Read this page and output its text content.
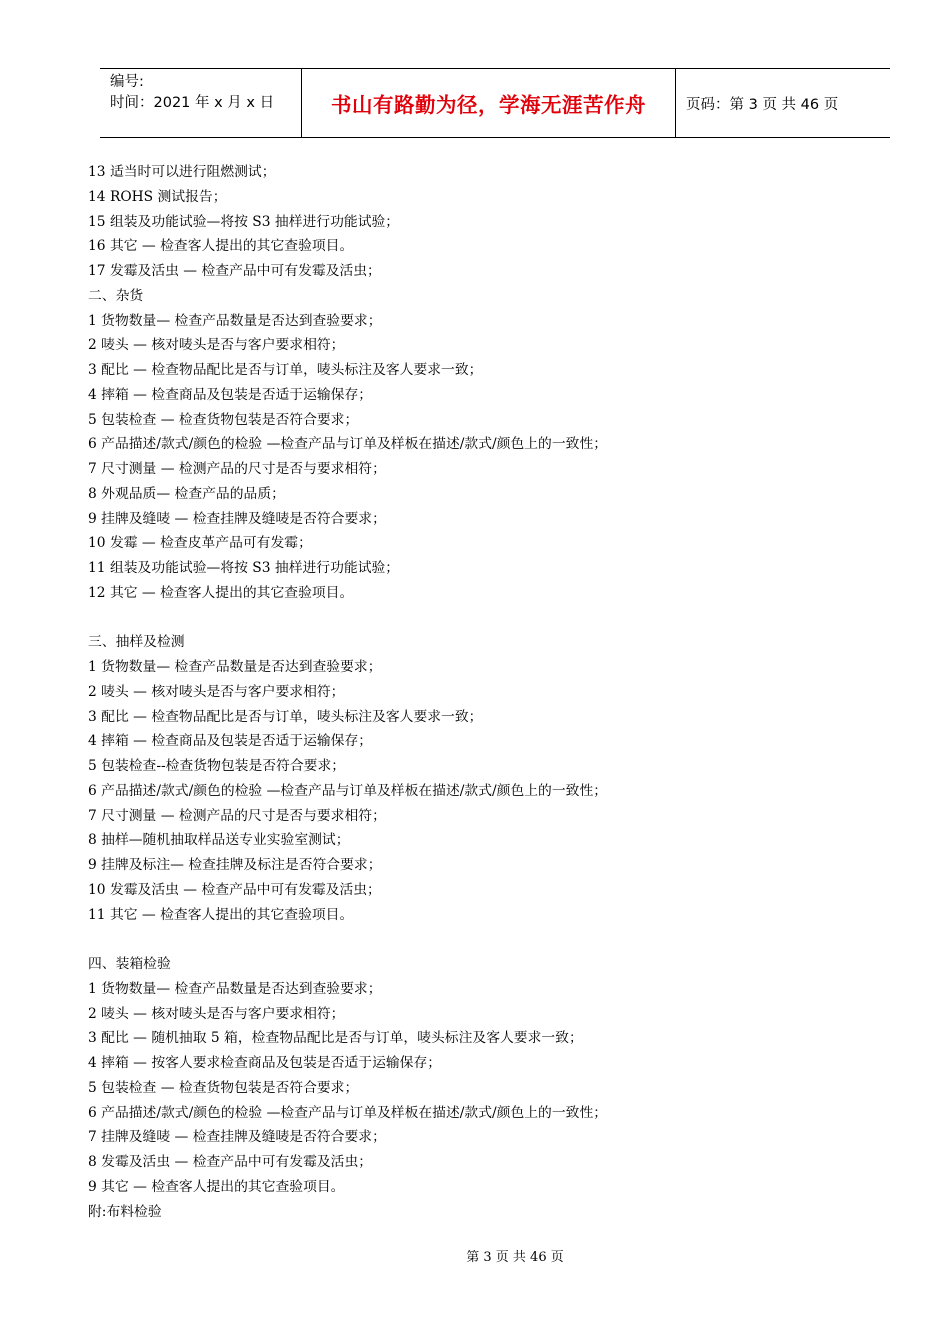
编号:
时间：2021 年 x 月 x 日	书山有路勤为径，学海无涯苦作舟	页码：第 3 页 共 46 页
13 适当时可以进行阻燃测试；
14 ROHS 测试报告；
15 组装及功能试验—将按 S3 抽样进行功能试验；
16 其它 — 检查客人提出的其它查验项目。
17 发霉及活虫 — 检查产品中可有发霉及活虫；
二、杂货
1 货物数量— 检查产品数量是否达到查验要求；
2 唛头 — 核对唛头是否与客户要求相符；
3 配比 — 检查物品配比是否与订单，唛头标注及客人要求一致；
4 摔箱 — 检查商品及包装是否适于运输保存；
5 包装检查 — 检查货物包装是否符合要求；
6 产品描述/款式/颜色的检验 —检查产品与订单及样板在描述/款式/颜色上的一致性；
7 尺寸测量 — 检测产品的尺寸是否与要求相符；
8 外观品质— 检查产品的品质；
9 挂牌及缝唛 — 检查挂牌及缝唛是否符合要求；
10 发霉 — 检查皮革产品可有发霉；
11 组装及功能试验—将按 S3 抽样进行功能试验；
12 其它 — 检查客人提出的其它查验项目。
三、抽样及检测
1 货物数量— 检查产品数量是否达到查验要求；
2 唛头 — 核对唛头是否与客户要求相符；
3 配比 — 检查物品配比是否与订单，唛头标注及客人要求一致；
4 摔箱 — 检查商品及包装是否适于运输保存；
5 包装检查--检查货物包装是否符合要求；
6 产品描述/款式/颜色的检验 —检查产品与订单及样板在描述/款式/颜色上的一致性；
7 尺寸测量 — 检测产品的尺寸是否与要求相符；
8 抽样—随机抽取样品送专业实验室测试；
9 挂牌及标注— 检查挂牌及标注是否符合要求；
10 发霉及活虫 — 检查产品中可有发霉及活虫；
11 其它 — 检查客人提出的其它查验项目。
四、装箱检验
1 货物数量— 检查产品数量是否达到查验要求；
2 唛头 — 核对唛头是否与客户要求相符；
3 配比 — 随机抽取 5 箱，检查物品配比是否与订单，唛头标注及客人要求一致；
4 摔箱 — 按客人要求检查商品及包装是否适于运输保存；
5 包装检查 — 检查货物包装是否符合要求；
6 产品描述/款式/颜色的检验 —检查产品与订单及样板在描述/款式/颜色上的一致性；
7 挂牌及缝唛 — 检查挂牌及缝唛是否符合要求；
8 发霉及活虫 — 检查产品中可有发霉及活虫；
9 其它 — 检查客人提出的其它查验项目。
附:布料检验
第 3 页 共 46 页
